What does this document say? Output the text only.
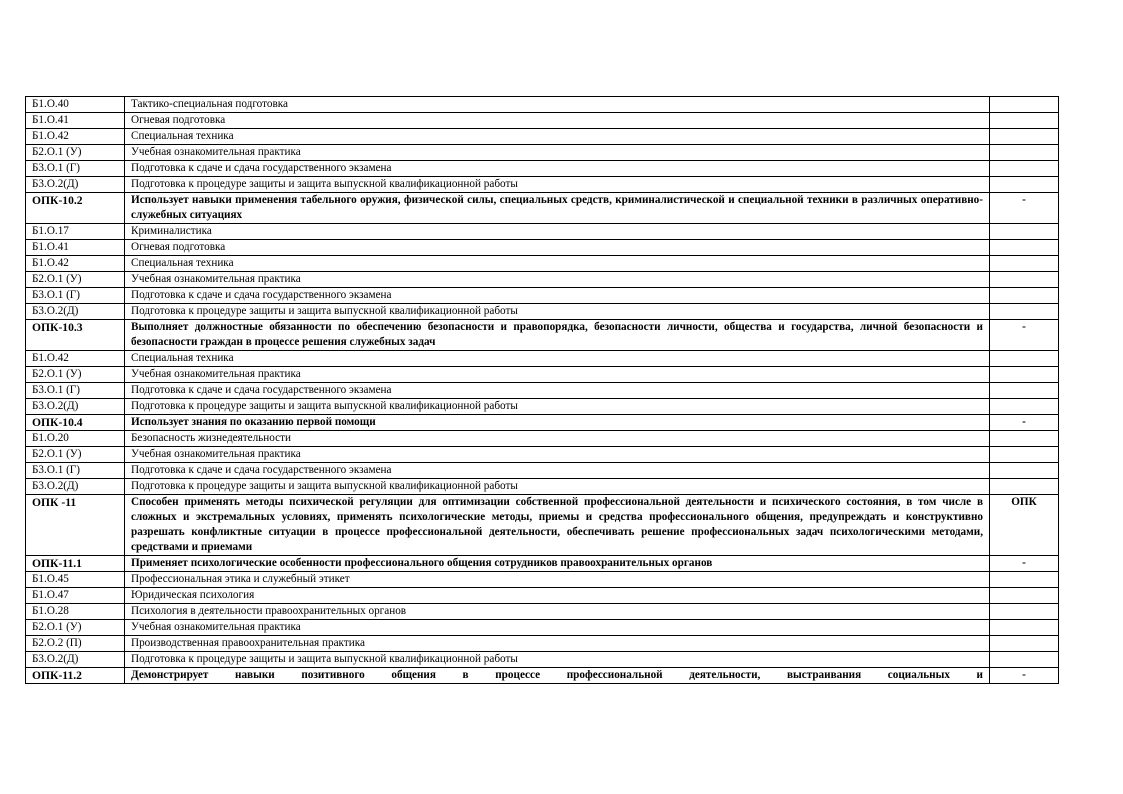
Б1.О.40	Тактико-специальная подготовка	
Б1.О.41	Огневая подготовка	
Б1.О.42	Специальная техника	
Б2.О.1 (У)	Учебная ознакомительная практика	
Б3.О.1 (Г)	Подготовка к сдаче и сдача государственного экзамена	
Б3.О.2(Д)	Подготовка к процедуре защиты и защита выпускной квалификационной работы	
ОПК-10.2	Использует навыки применения табельного оружия, физической силы, специальных средств, криминалистической и специальной техники в различных оперативно-служебных ситуациях	-
Б1.О.17	Криминалистика	
Б1.О.41	Огневая подготовка	
Б1.О.42	Специальная техника	
Б2.О.1 (У)	Учебная ознакомительная практика	
Б3.О.1 (Г)	Подготовка к сдаче и сдача государственного экзамена	
Б3.О.2(Д)	Подготовка к процедуре защиты и защита выпускной квалификационной работы	
ОПК-10.3	Выполняет должностные обязанности по обеспечению безопасности и правопорядка, безопасности личности, общества и государства, личной безопасности и безопасности граждан в процессе решения служебных задач	-
Б1.О.42	Специальная техника	
Б2.О.1 (У)	Учебная ознакомительная практика	
Б3.О.1 (Г)	Подготовка к сдаче и сдача государственного экзамена	
Б3.О.2(Д)	Подготовка к процедуре защиты и защита выпускной квалификационной работы	
ОПК-10.4	Использует знания по оказанию первой помощи	-
Б1.О.20	Безопасность жизнедеятельности	
Б2.О.1 (У)	Учебная ознакомительная практика	
Б3.О.1 (Г)	Подготовка к сдаче и сдача государственного экзамена	
Б3.О.2(Д)	Подготовка к процедуре защиты и защита выпускной квалификационной работы	
ОПК -11	Способен применять методы психической регуляции для оптимизации собственной профессиональной деятельности и психического состояния, в том числе в сложных и экстремальных условиях, применять психологические методы, приемы и средства профессионального общения, предупреждать и конструктивно разрешать конфликтные ситуации в процессе профессиональной деятельности, обеспечивать решение профессиональных задач психологическими методами, средствами и приемами	ОПК
ОПК-11.1	Применяет психологические особенности профессионального общения сотрудников правоохранительных органов	-
Б1.О.45	Профессиональная этика и служебный этикет	
Б1.О.47	Юридическая психология	
Б1.О.28	Психология в деятельности правоохранительных органов	
Б2.О.1 (У)	Учебная ознакомительная практика	
Б2.О.2 (П)	Производственная правоохранительная практика	
Б3.О.2(Д)	Подготовка к процедуре защиты и защита выпускной квалификационной работы	
ОПК-11.2	Демонстрирует навыки позитивного общения в процессе профессиональной деятельности, выстраивания социальных и	-
